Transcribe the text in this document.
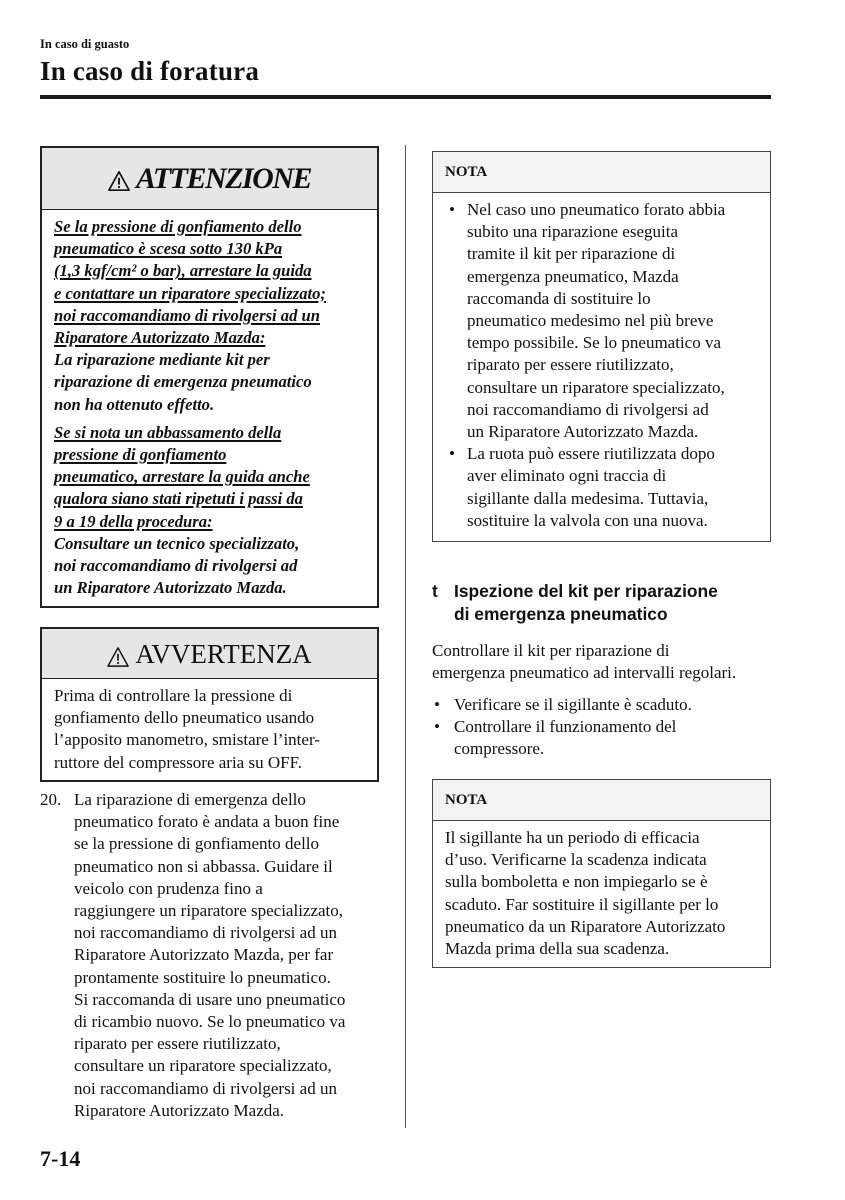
In caso di guasto
In caso di foratura
ATTENZIONE

Se la pressione di gonfiamento dello
pneumatico è scesa sotto 130 kPa
(1,3 kgf/cm² o bar), arrestare la guida
e contattare un riparatore specializzato;
noi raccomandiamo di rivolgersi ad un
Riparatore Autorizzato Mazda:
La riparazione mediante kit per
riparazione di emergenza pneumatico
non ha ottenuto effetto.

Se si nota un abbassamento della
pressione di gonfiamento
pneumatico, arrestare la guida anche
qualora siano stati ripetuti i passi da
9 a 19 della procedura:
Consultare un tecnico specializzato,
noi raccomandiamo di rivolgersi ad
un Riparatore Autorizzato Mazda.

AVVERTENZA
Prima di controllare la pressione di
gonfiamento dello pneumatico usando
l’apposito manometro, smistare l’inter-
ruttore del compressore aria su OFF.
20. La riparazione di emergenza dello
pneumatico forato è andata a buon fine
se la pressione di gonfiamento dello
pneumatico non si abbassa. Guidare il
veicolo con prudenza fino a
raggiungere un riparatore specializzato,
noi raccomandiamo di rivolgersi ad un
Riparatore Autorizzato Mazda, per far
prontamente sostituire lo pneumatico.
Si raccomanda di usare uno pneumatico
di ricambio nuovo. Se lo pneumatico va
riparato per essere riutilizzato,
consultare un riparatore specializzato,
noi raccomandiamo di rivolgersi ad un
Riparatore Autorizzato Mazda.
NOTA
• Nel caso uno pneumatico forato abbia
subito una riparazione eseguita
tramite il kit per riparazione di
emergenza pneumatico, Mazda
raccomanda di sostituire lo
pneumatico medesimo nel più breve
tempo possibile. Se lo pneumatico va
riparato per essere riutilizzato,
consultare un riparatore specializzato,
noi raccomandiamo di rivolgersi ad
un Riparatore Autorizzato Mazda.
• La ruota può essere riutilizzata dopo
aver eliminato ogni traccia di
sigillante dalla medesima. Tuttavia,
sostituire la valvola con una nuova.
t Ispezione del kit per riparazione
di emergenza pneumatico
Controllare il kit per riparazione di
emergenza pneumatico ad intervalli regolari.
• Verificare se il sigillante è scaduto.
• Controllare il funzionamento del
compressore.
NOTA
Il sigillante ha un periodo di efficacia
d’uso. Verificarne la scadenza indicata
sulla bomboletta e non impiegarlo se è
scaduto. Far sostituire il sigillante per lo
pneumatico da un Riparatore Autorizzato
Mazda prima della sua scadenza.
7-14
